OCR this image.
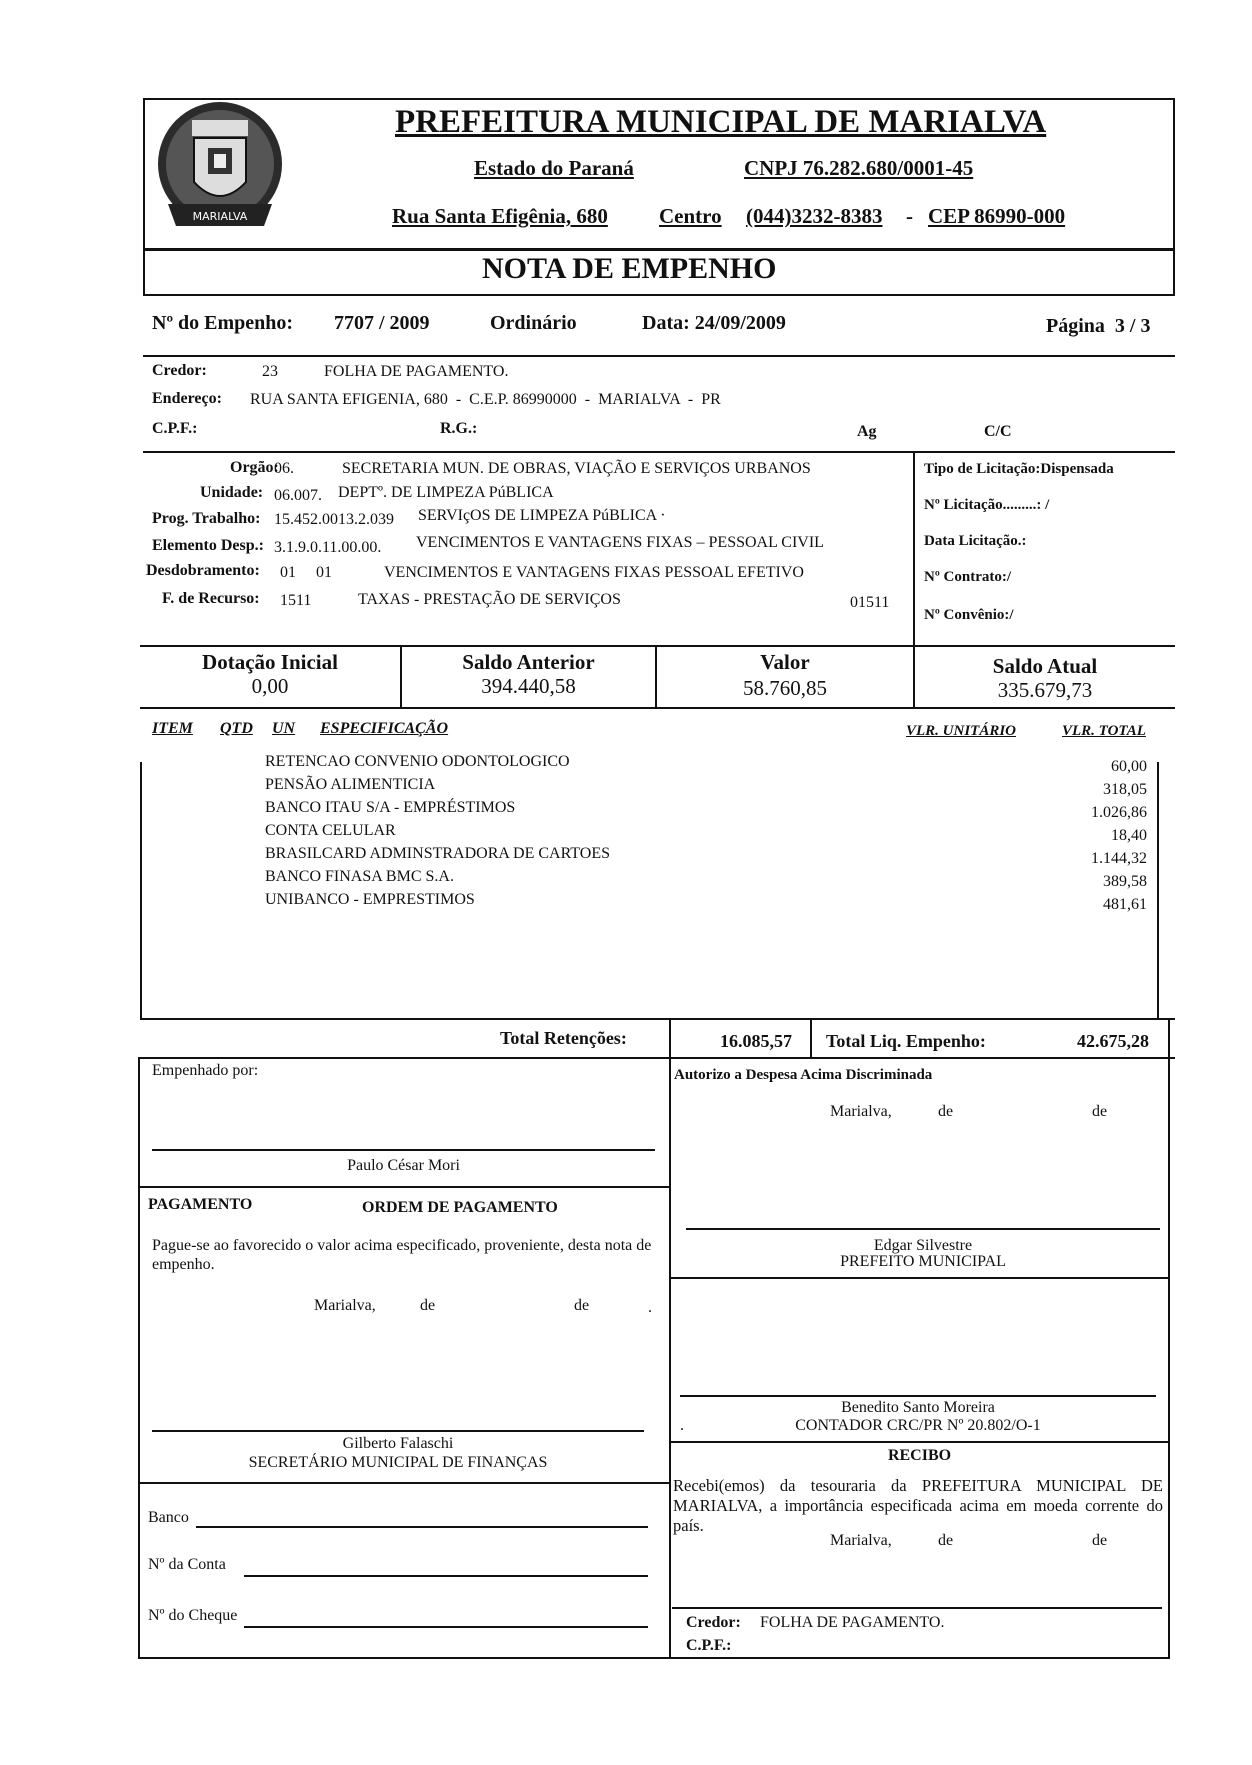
MARIALVA
PREFEITURA MUNICIPAL DE MARIALVA
Estado do Paraná	CNPJ 76.282.680/0001-45
Rua Santa Efigênia, 680 Centro (044)3232-8383 - CEP 86990-000
NOTA DE EMPENHO
Nº do Empenho: 7707 / 2009	Ordinário	Data: 24/09/2009	Página  3 / 3
Credor:	23	FOLHA DE PAGAMENTO.
Endereço: RUA SANTA EFIGENIA, 680  -  C.E.P. 86990000  -  MARIALVA  -  PR
C.P.F.:	R.G.:	Ag	C/C
Orgão:
06.	SECRETARIA MUN. DE OBRAS, VIAÇÃO E SERVIÇOS URBANOS
Unidade: 06.007. DEPTº. DE LIMPEZA PúBLICA
Prog. Trabalho: 15.452.0013.2.039 SERVIçOS DE LIMPEZA PúBLICA ·
Elemento Desp.: 3.1.9.0.11.00.00. VENCIMENTOS E VANTAGENS FIXAS – PESSOAL CIVIL
Desdobramento: 01 01	VENCIMENTOS E VANTAGENS FIXAS PESSOAL EFETIVO
F. de Recurso: 1511	TAXAS - PRESTAÇÃO DE SERVIÇOS	01511
Tipo de Licitação:Dispensada
Nº Licitação.........: /
Data Licitação.:
Nº Contrato:/
Nº Convênio:/
Dotação Inicial
0,00
Saldo Anterior
394.440,58
Valor
58.760,85
Saldo Atual
335.679,73
ITEM QTD UN ESPECIFICAÇÃO	VLR. UNITÁRIO	VLR. TOTAL
RETENCAO CONVENIO ODONTOLOGICO	60,00
PENSÃO ALIMENTICIA	318,05
BANCO ITAU S/A - EMPRÉSTIMOS	1.026,86
CONTA CELULAR	18,40
BRASILCARD ADMINSTRADORA DE CARTOES	1.144,32
BANCO FINASA BMC S.A.	389,58
UNIBANCO - EMPRESTIMOS	481,61
Total Retenções:	16.085,57 Total Liq. Empenho:	42.675,28
Empenhado por:
Paulo César Mori
PAGAMENTO	ORDEM DE PAGAMENTO
Pague-se ao favorecido o valor acima especificado, proveniente, desta nota de empenho.
Marialva,	de	de	.
Gilberto Falaschi
SECRETÁRIO MUNICIPAL DE FINANÇAS
Banco
Nº da Conta
Nº do Cheque
Autorizo a Despesa Acima Discriminada
Marialva,	de	de
Edgar Silvestre
PREFEITO MUNICIPAL
Benedito Santo Moreira
CONTADOR CRC/PR Nº 20.802/O-1
.
RECIBO
Recebi(emos) da tesouraria da PREFEITURA MUNICIPAL DE MARIALVA, a importância especificada acima em moeda corrente do país.
Marialva,	de	de
Credor: FOLHA DE PAGAMENTO.
C.P.F.:
